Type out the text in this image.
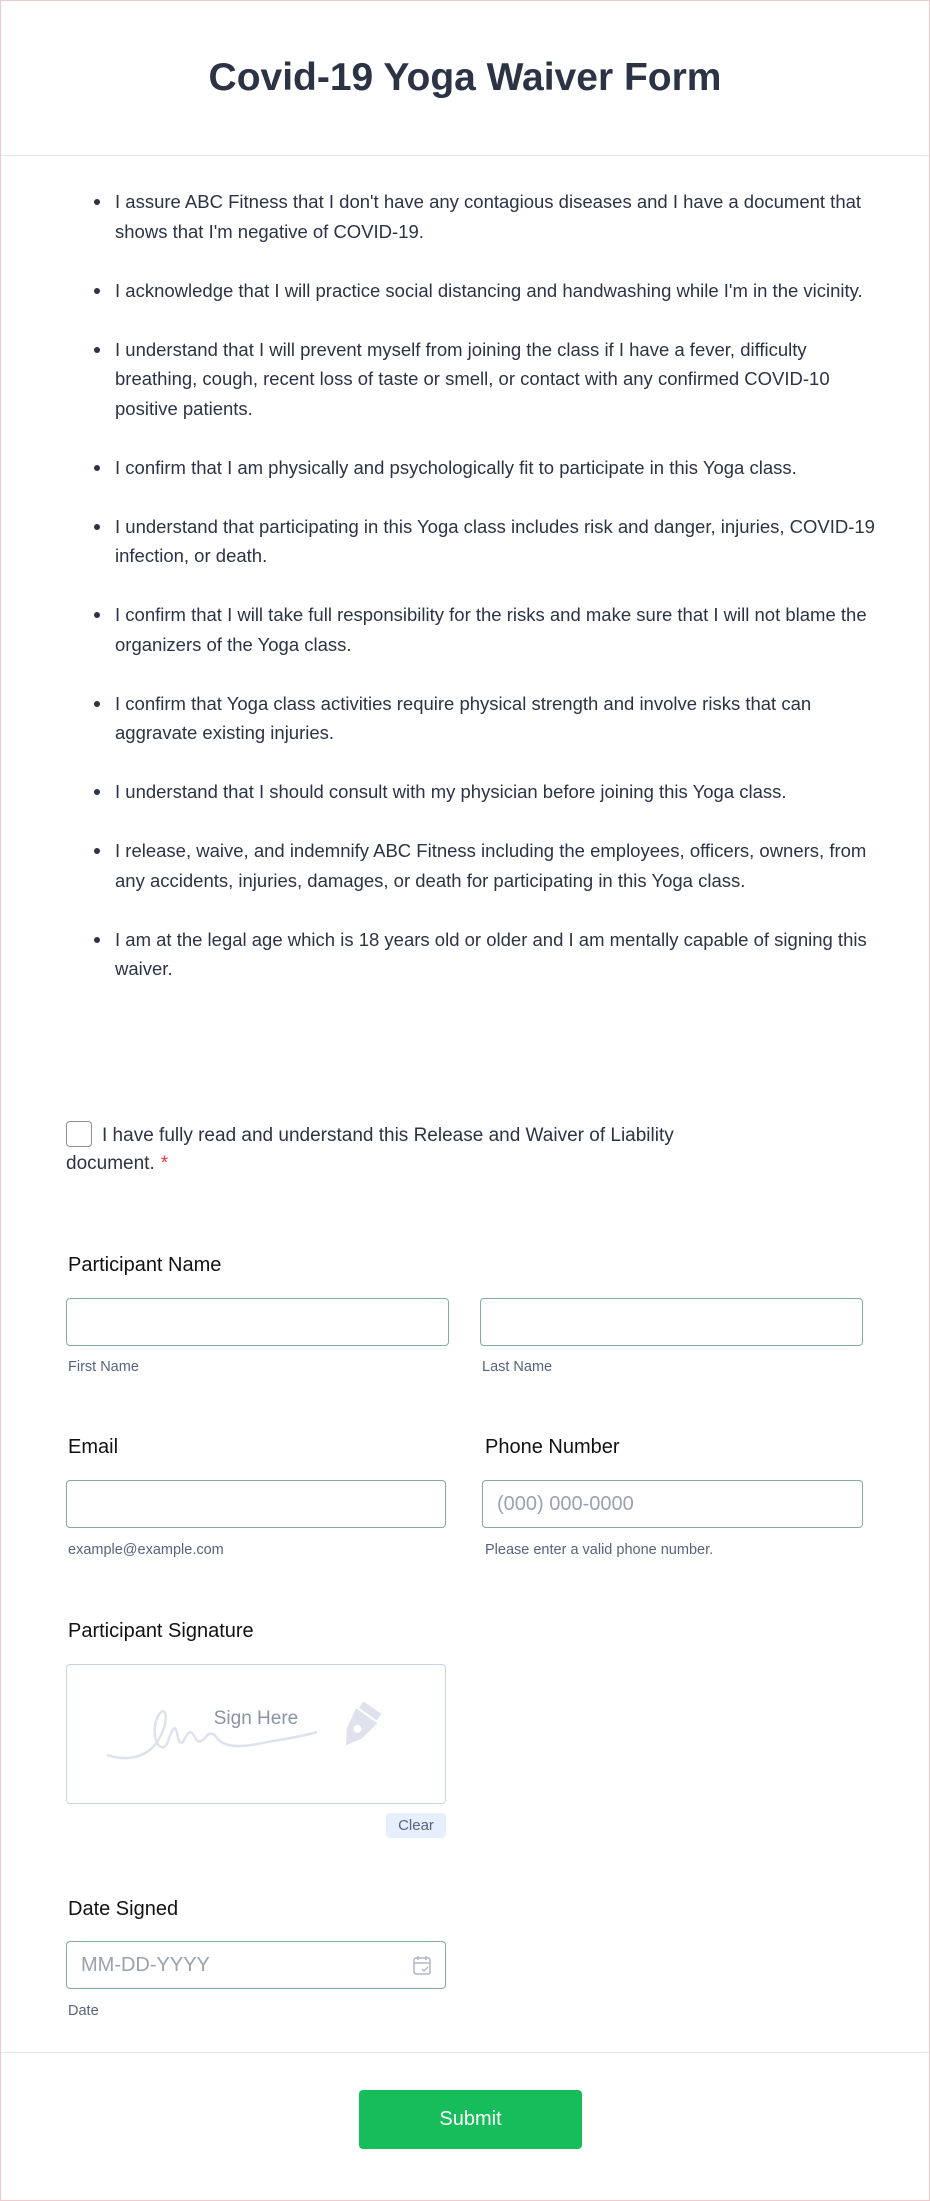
Covid-19 Yoga Waiver Form
I assure ABC Fitness that I don't have any contagious diseases and I have a document that shows that I'm negative of COVID-19.
I acknowledge that I will practice social distancing and handwashing while I'm in the vicinity.
I understand that I will prevent myself from joining the class if I have a fever, difficulty breathing, cough, recent loss of taste or smell, or contact with any confirmed COVID-10 positive patients.
I confirm that I am physically and psychologically fit to participate in this Yoga class.
I understand that participating in this Yoga class includes risk and danger, injuries, COVID-19 infection, or death.
I confirm that I will take full responsibility for the risks and make sure that I will not blame the organizers of the Yoga class.
I confirm that Yoga class activities require physical strength and involve risks that can aggravate existing injuries.
I understand that I should consult with my physician before joining this Yoga class.
I release, waive, and indemnify ABC Fitness including the employees, officers, owners, from any accidents, injuries, damages, or death for participating in this Yoga class.
I am at the legal age which is 18 years old or older and I am mentally capable of signing this waiver.
I have fully read and understand this Release and Waiver of Liability document. *
Participant Name
First Name	Last Name
Email	Phone Number
(000) 000-0000
example@example.com	Please enter a valid phone number.
Participant Signature
Sign Here
Clear
Date Signed
MM-DD-YYYY
Date
Submit
